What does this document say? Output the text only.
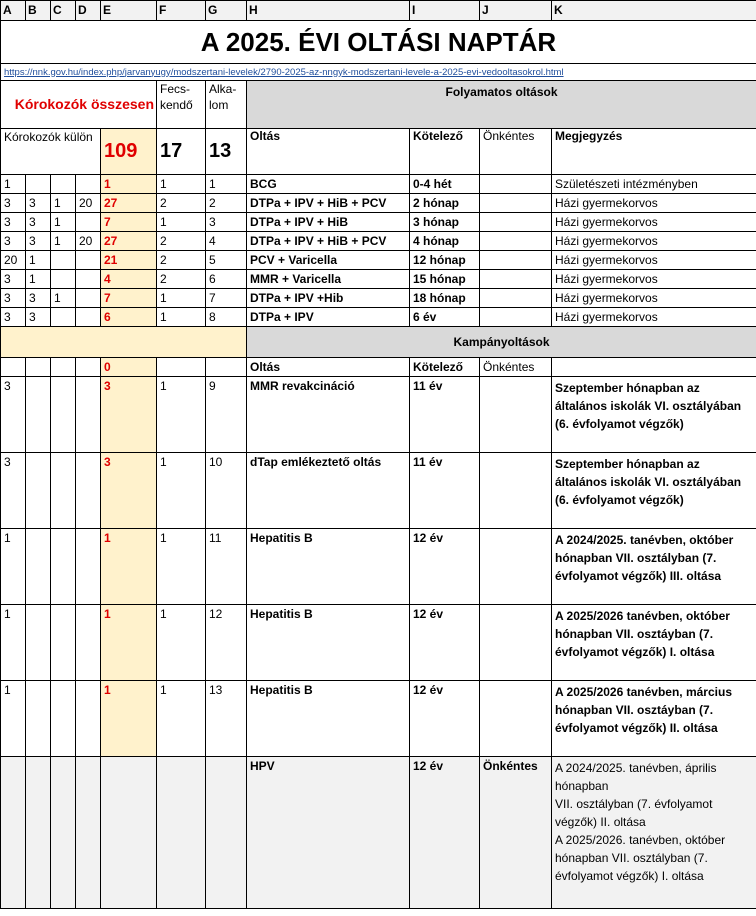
A	B	C	D	E	F	G	H	I	J	K
A 2025. ÉVI OLTÁSI NAPTÁR										
https://nnk.gov.hu/index.php/jarvanyugy/modszertani-levelek/2790-2025-az-nngyk-modszertani-levele-a-2025-evi-vedooltasokrol.html										
Kórokozók összesen					Fecs-kendő	Alka-lom	Folyamatos oltások			
Kórokozók külön				109	17	13	Oltás	Kötelező	Önkéntes	Megjegyzés
1				1	1	1	BCG	0-4 hét		Születészeti intézményben
3	3	1	20	27	2	2	DTPa + IPV + HiB + PCV	2 hónap		Házi gyermekorvos
3	3	1		7	1	3	DTPa + IPV + HiB	3 hónap		Házi gyermekorvos
3	3	1	20	27	2	4	DTPa + IPV + HiB + PCV	4 hónap		Házi gyermekorvos
20	1			21	2	5	PCV + Varicella	12 hónap		Házi gyermekorvos
3	1			4	2	6	MMR + Varicella	15 hónap		Házi gyermekorvos
3	3	1		7	1	7	DTPa + IPV +Hib	18 hónap		Házi gyermekorvos
3	3			6	1	8	DTPa + IPV	6 év		Házi gyermekorvos
							Kampányoltások			
				0			Oltás	Kötelező	Önkéntes	
3				3	1	9	MMR revakcináció	11 év		Szeptember hónapban az általános iskolák VI. osztályában (6. évfolyamot végzők)
3				3	1	10	dTap emlékeztető oltás	11 év		Szeptember hónapban az általános iskolák VI. osztályában (6. évfolyamot végzők)
1				1	1	11	Hepatitis B	12 év		A 2024/2025. tanévben, október hónapban VII. osztályban (7. évfolyamot végzők) III. oltása
1				1	1	12	Hepatitis B	12 év		A 2025/2026 tanévben, október hónapban VII. osztáyban (7. évfolyamot végzők) I. oltása
1				1	1	13	Hepatitis B	12 év		A 2025/2026 tanévben, március hónapban VII. osztáyban (7. évfolyamot végzők) II. oltása
							HPV	12 év	Önkéntes	A 2024/2025. tanévben, április hónapban
VII. osztályban (7. évfolyamot végzők) II. oltása
A 2025/2026. tanévben, október hónapban VII. osztályban (7. évfolyamot végzők) I. oltása
